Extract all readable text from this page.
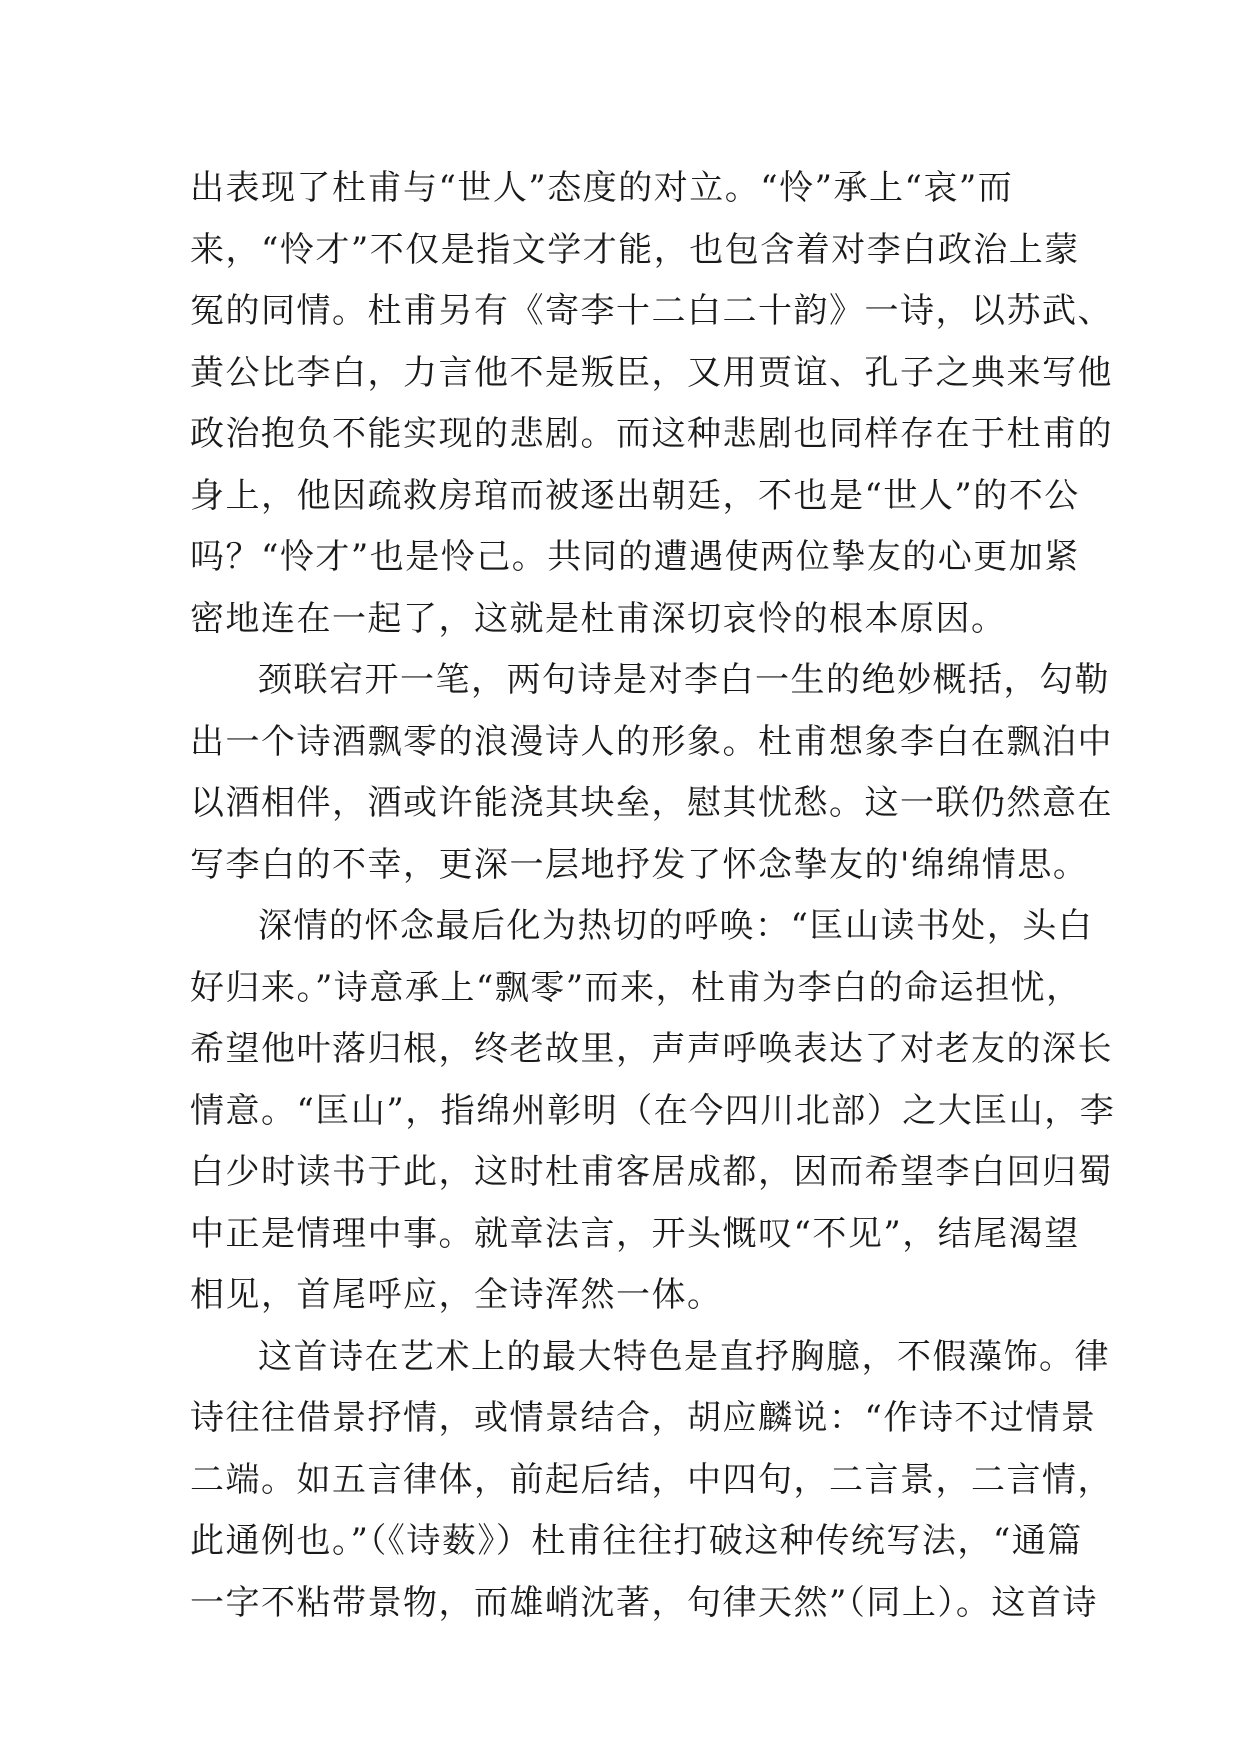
出表现了杜甫与“世人”态度的对立。“怜”承上“哀”而
来，“怜才”不仅是指文学才能，也包含着对李白政治上蒙
冤的同情。杜甫另有《寄李十二白二十韵》一诗，以苏武、
黄公比李白，力言他不是叛臣，又用贾谊、孔子之典来写他
政治抱负不能实现的悲剧。而这种悲剧也同样存在于杜甫的
身上，他因疏救房琯而被逐出朝廷，不也是“世人”的不公
吗？“怜才”也是怜己。共同的遭遇使两位挚友的心更加紧
密地连在一起了，这就是杜甫深切哀怜的根本原因。
颈联宕开一笔，两句诗是对李白一生的绝妙概括，勾勒
出一个诗酒飘零的浪漫诗人的形象。杜甫想象李白在飘泊中
以酒相伴，酒或许能浇其块垒，慰其忧愁。这一联仍然意在
写李白的不幸，更深一层地抒发了怀念挚友的'绵绵情思。
深情的怀念最后化为热切的呼唤：“匡山读书处，头白
好归来。”诗意承上“飘零”而来，杜甫为李白的命运担忧，
希望他叶落归根，终老故里，声声呼唤表达了对老友的深长
情意。“匡山”，指绵州彰明（在今四川北部）之大匡山，李
白少时读书于此，这时杜甫客居成都，因而希望李白回归蜀
中正是情理中事。就章法言，开头慨叹“不见”，结尾渴望
相见，首尾呼应，全诗浑然一体。
这首诗在艺术上的最大特色是直抒胸臆，不假藻饰。律
诗往往借景抒情，或情景结合，胡应麟说：“作诗不过情景
二端。如五言律体，前起后结，中四句，二言景，二言情，
此通例也。”（《诗薮》）杜甫往往打破这种传统写法，“通篇
一字不粘带景物，而雄峭沈著，句律天然”（同上）。这首诗
